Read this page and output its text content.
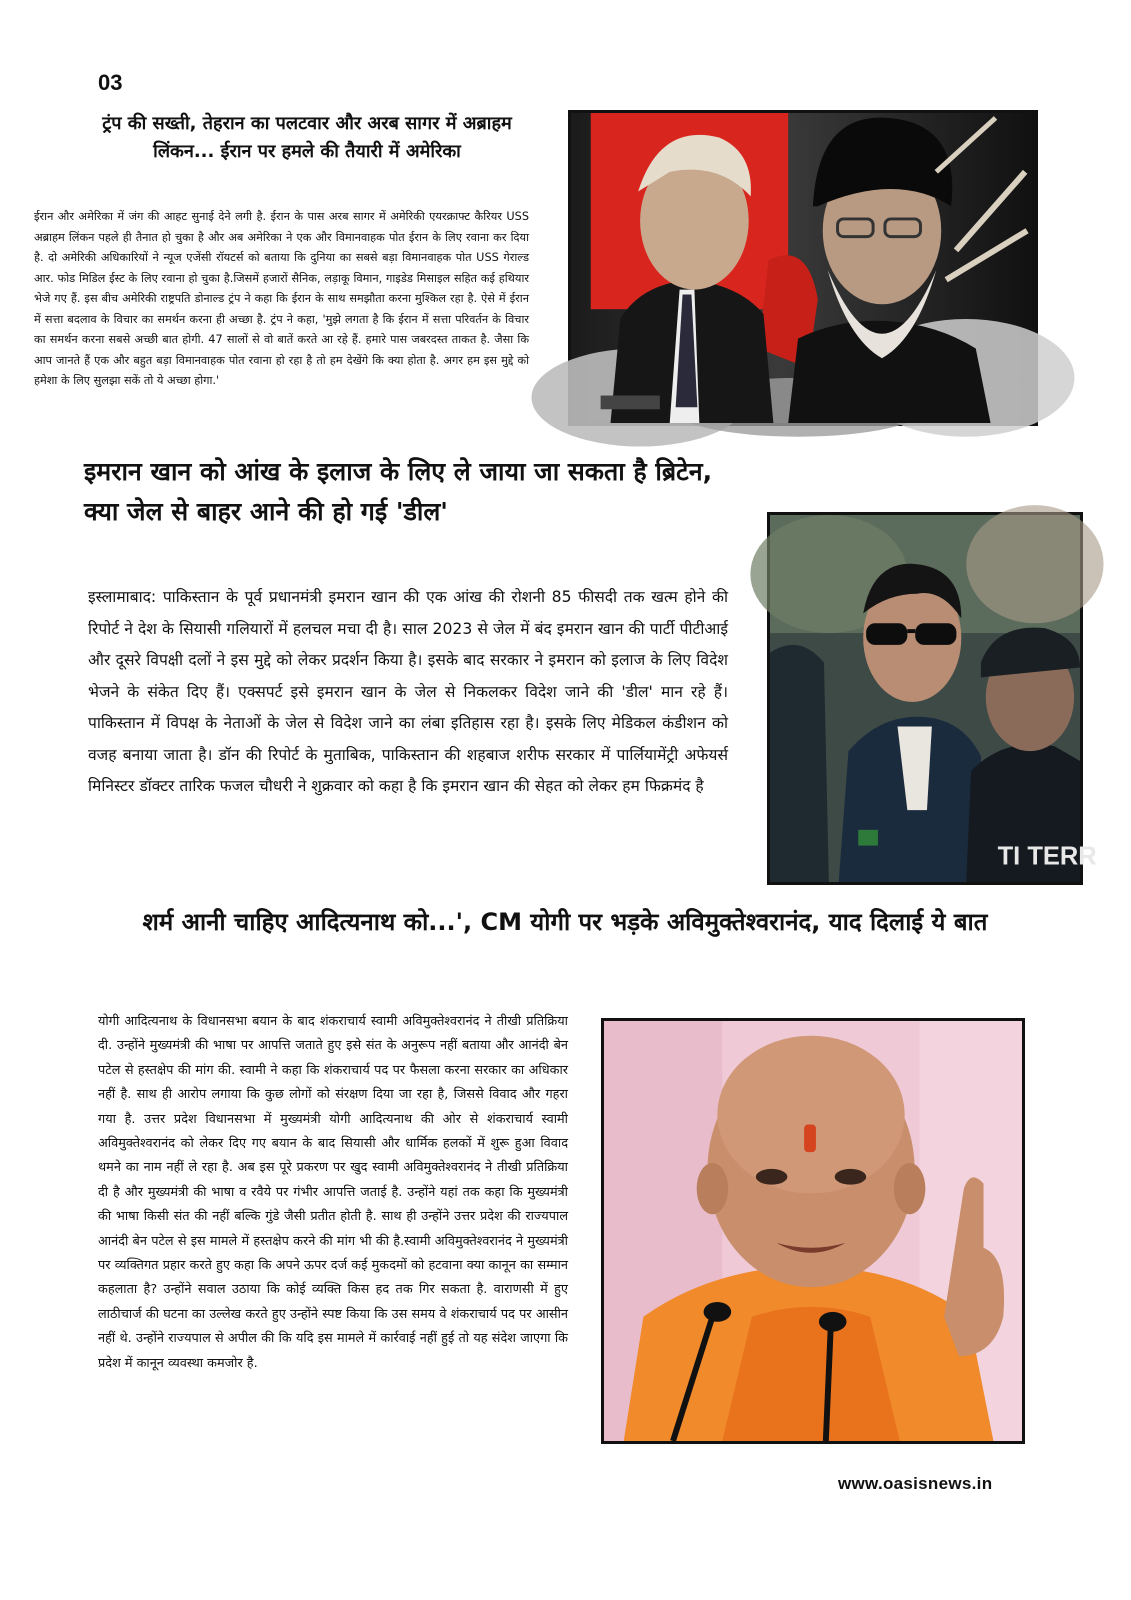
03
ट्रंप की सख्ती, तेहरान का पलटवार और अरब सागर में अब्राहम लिंकन... ईरान पर हमले की तैयारी में अमेरिका
ईरान और अमेरिका में जंग की आहट सुनाई देने लगी है. ईरान के पास अरब सागर में अमेरिकी एयरक्राफ्ट कैरियर USS अब्राहम लिंकन पहले ही तैनात हो चुका है और अब अमेरिका ने एक और विमानवाहक पोत ईरान के लिए रवाना कर दिया है. दो अमेरिकी अधिकारियों ने न्यूज एजेंसी रॉयटर्स को बताया कि दुनिया का सबसे बड़ा विमानवाहक पोत USS गेराल्ड आर. फोड मिडिल ईस्ट के लिए रवाना हो चुका है.जिसमें हजारों सैनिक, लड़ाकू विमान, गाइडेड मिसाइल सहित कई हथियार भेजे गए हैं. इस बीच अमेरिकी राष्ट्रपति डोनाल्ड ट्रंप ने कहा कि ईरान के साथ समझौता करना मुश्किल रहा है. ऐसे में ईरान में सत्ता बदलाव के विचार का समर्थन करना ही अच्छा है. ट्रंप ने कहा, 'मुझे लगता है कि ईरान में सत्ता परिवर्तन के विचार का समर्थन करना सबसे अच्छी बात होगी. 47 सालों से वो बातें करते आ रहे हैं. हमारे पास जबरदस्त ताकत है. जैसा कि आप जानते हैं एक और बहुत बड़ा विमानवाहक पोत रवाना हो रहा है तो हम देखेंगे कि क्या होता है. अगर हम इस मुद्दे को हमेशा के लिए सुलझा सकें तो ये अच्छा होगा.'
इमरान खान को आंख के इलाज के लिए ले जाया जा सकता है ब्रिटेन, क्या जेल से बाहर आने की हो गई 'डील'
इस्लामाबाद: पाकिस्तान के पूर्व प्रधानमंत्री इमरान खान की एक आंख की रोशनी 85 फीसदी तक खत्म होने की रिपोर्ट ने देश के सियासी गलियारों में हलचल मचा दी है। साल 2023 से जेल में बंद इमरान खान की पार्टी पीटीआई और दूसरे विपक्षी दलों ने इस मुद्दे को लेकर प्रदर्शन किया है। इसके बाद सरकार ने इमरान को इलाज के लिए विदेश भेजने के संकेत दिए हैं। एक्सपर्ट इसे इमरान खान के जेल से निकलकर विदेश जाने की 'डील' मान रहे हैं। पाकिस्तान में विपक्ष के नेताओं के जेल से विदेश जाने का लंबा इतिहास रहा है। इसके लिए मेडिकल कंडीशन को वजह बनाया जाता है। डॉन की रिपोर्ट के मुताबिक, पाकिस्तान की शहबाज शरीफ सरकार में पार्लियामेंट्री अफेयर्स मिनिस्टर डॉक्टर तारिक फजल चौधरी ने शुक्रवार को कहा है कि इमरान खान की सेहत को लेकर हम फिक्रमंद है
TI TERR
शर्म आनी चाहिए आदित्यनाथ को...', CM योगी पर भड़के अविमुक्तेश्वरानंद, याद दिलाई ये बात
योगी आदित्यनाथ के विधानसभा बयान के बाद शंकराचार्य स्वामी अविमुक्तेश्वरानंद ने तीखी प्रतिक्रिया दी. उन्होंने मुख्यमंत्री की भाषा पर आपत्ति जताते हुए इसे संत के अनुरूप नहीं बताया और आनंदी बेन पटेल से हस्तक्षेप की मांग की. स्वामी ने कहा कि शंकराचार्य पद पर फैसला करना सरकार का अधिकार नहीं है. साथ ही आरोप लगाया कि कुछ लोगों को संरक्षण दिया जा रहा है, जिससे विवाद और गहरा गया है. उत्तर प्रदेश विधानसभा में मुख्यमंत्री योगी आदित्यनाथ की ओर से शंकराचार्य स्वामी अविमुक्तेश्वरानंद को लेकर दिए गए बयान के बाद सियासी और धार्मिक हलकों में शुरू हुआ विवाद थमने का नाम नहीं ले रहा है. अब इस पूरे प्रकरण पर खुद स्वामी अविमुक्तेश्वरानंद ने तीखी प्रतिक्रिया दी है और मुख्यमंत्री की भाषा व रवैये पर गंभीर आपत्ति जताई है. उन्होंने यहां तक कहा कि मुख्यमंत्री की भाषा किसी संत की नहीं बल्कि गुंडे जैसी प्रतीत होती है. साथ ही उन्होंने उत्तर प्रदेश की राज्यपाल आनंदी बेन पटेल से इस मामले में हस्तक्षेप करने की मांग भी की है.स्वामी अविमुक्तेश्वरानंद ने मुख्यमंत्री पर व्यक्तिगत प्रहार करते हुए कहा कि अपने ऊपर दर्ज कई मुकदमों को हटवाना क्या कानून का सम्मान कहलाता है? उन्होंने सवाल उठाया कि कोई व्यक्ति किस हद तक गिर सकता है. वाराणसी में हुए लाठीचार्ज की घटना का उल्लेख करते हुए उन्होंने स्पष्ट किया कि उस समय वे शंकराचार्य पद पर आसीन नहीं थे. उन्होंने राज्यपाल से अपील की कि यदि इस मामले में कार्रवाई नहीं हुई तो यह संदेश जाएगा कि प्रदेश में कानून व्यवस्था कमजोर है.
www.oasisnews.in
